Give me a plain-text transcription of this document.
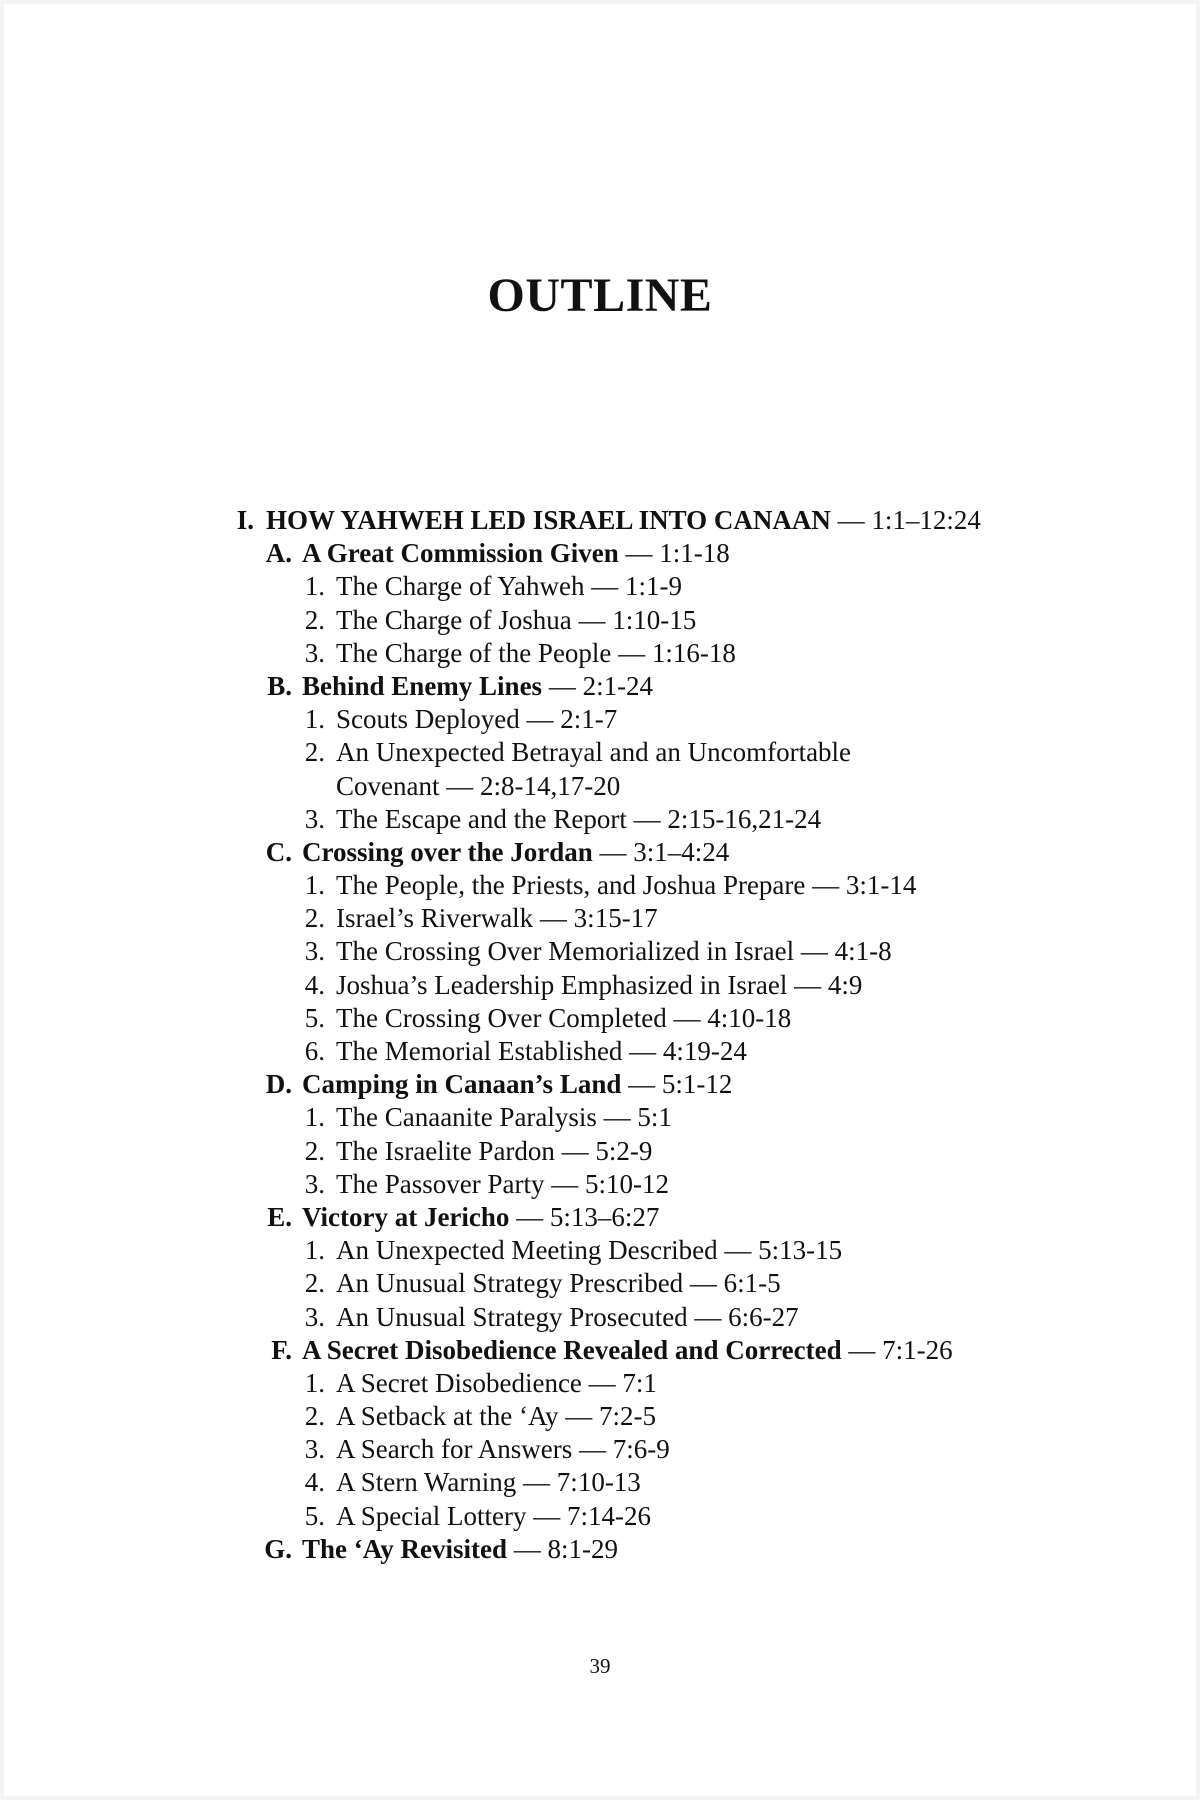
OUTLINE
I. HOW YAHWEH LED ISRAEL INTO CANAAN — 1:1–12:24
A. A Great Commission Given — 1:1-18
1. The Charge of Yahweh — 1:1-9
2. The Charge of Joshua — 1:10-15
3. The Charge of the People — 1:16-18
B. Behind Enemy Lines — 2:1-24
1. Scouts Deployed — 2:1-7
2. An Unexpected Betrayal and an Uncomfortable
Covenant — 2:8-14,17-20
3. The Escape and the Report — 2:15-16,21-24
C. Crossing over the Jordan — 3:1–4:24
1. The People, the Priests, and Joshua Prepare — 3:1-14
2. Israel’s Riverwalk — 3:15-17
3. The Crossing Over Memorialized in Israel — 4:1-8
4. Joshua’s Leadership Emphasized in Israel — 4:9
5. The Crossing Over Completed — 4:10-18
6. The Memorial Established — 4:19-24
D. Camping in Canaan’s Land — 5:1-12
1. The Canaanite Paralysis — 5:1
2. The Israelite Pardon — 5:2-9
3. The Passover Party — 5:10-12
E. Victory at Jericho — 5:13–6:27
1. An Unexpected Meeting Described — 5:13-15
2. An Unusual Strategy Prescribed — 6:1-5
3. An Unusual Strategy Prosecuted — 6:6-27
F. A Secret Disobedience Revealed and Corrected — 7:1-26
1. A Secret Disobedience — 7:1
2. A Setback at the ‘Ay — 7:2-5
3. A Search for Answers — 7:6-9
4. A Stern Warning — 7:10-13
5. A Special Lottery — 7:14-26
G. The ‘Ay Revisited — 8:1-29
39
